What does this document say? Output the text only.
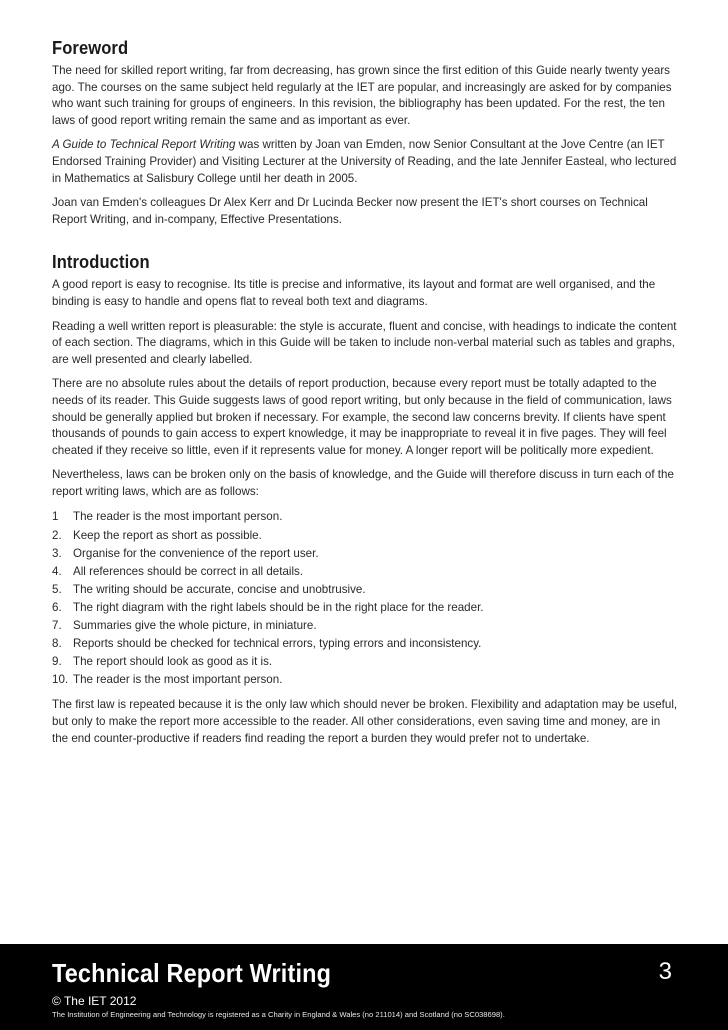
Foreword

The need for skilled report writing, far from decreasing, has grown since the first edition of this Guide nearly twenty years ago. The courses on the same subject held regularly at the IET are popular, and increasingly are asked for by companies who want such training for groups of engineers. In this revision, the bibliography has been updated. For the rest, the ten laws of good report writing remain the same and as important as ever.

A Guide to Technical Report Writing was written by Joan van Emden, now Senior Consultant at the Jove Centre (an IET Endorsed Training Provider) and Visiting Lecturer at the University of Reading, and the late Jennifer Easteal, who lectured in Mathematics at Salisbury College until her death in 2005.

Joan van Emden's colleagues Dr Alex Kerr and Dr Lucinda Becker now present the IET's short courses on Technical Report Writing, and in-company, Effective Presentations.

Introduction

A good report is easy to recognise. Its title is precise and informative, its layout and format are well organised, and the binding is easy to handle and opens flat to reveal both text and diagrams.

Reading a well written report is pleasurable: the style is accurate, fluent and concise, with headings to indicate the content of each section. The diagrams, which in this Guide will be taken to include non-verbal material such as tables and graphs, are well presented and clearly labelled.

There are no absolute rules about the details of report production, because every report must be totally adapted to the needs of its reader. This Guide suggests laws of good report writing, but only because in the field of communication, laws should be generally applied but broken if necessary. For example, the second law concerns brevity. If clients have spent thousands of pounds to gain access to expert knowledge, it may be inappropriate to reveal it in five pages. They will feel cheated if they receive so little, even if it represents value for money. A longer report will be politically more expedient.

Nevertheless, laws can be broken only on the basis of knowledge, and the Guide will therefore discuss in turn each of the report writing laws, which are as follows:

1	The reader is the most important person.
2. Keep the report as short as possible.
3. Organise for the convenience of the report user.
4. All references should be correct in all details.
5. The writing should be accurate, concise and unobtrusive.
6. The right diagram with the right labels should be in the right place for the reader.
7. Summaries give the whole picture, in miniature.
8. Reports should be checked for technical errors, typing errors and inconsistency.
9. The report should look as good as it is.
10. The reader is the most important person.

The first law is repeated because it is the only law which should never be broken. Flexibility and adaptation may be useful, but only to make the report more accessible to the reader. All other considerations, even saving time and money, are in the end counter-productive if readers find reading the report a burden they would prefer not to undertake.

Technical Report Writing	3
© The IET 2012
The Institution of Engineering and Technology is registered as a Charity in England & Wales (no 211014) and Scotland (no SC038698).
